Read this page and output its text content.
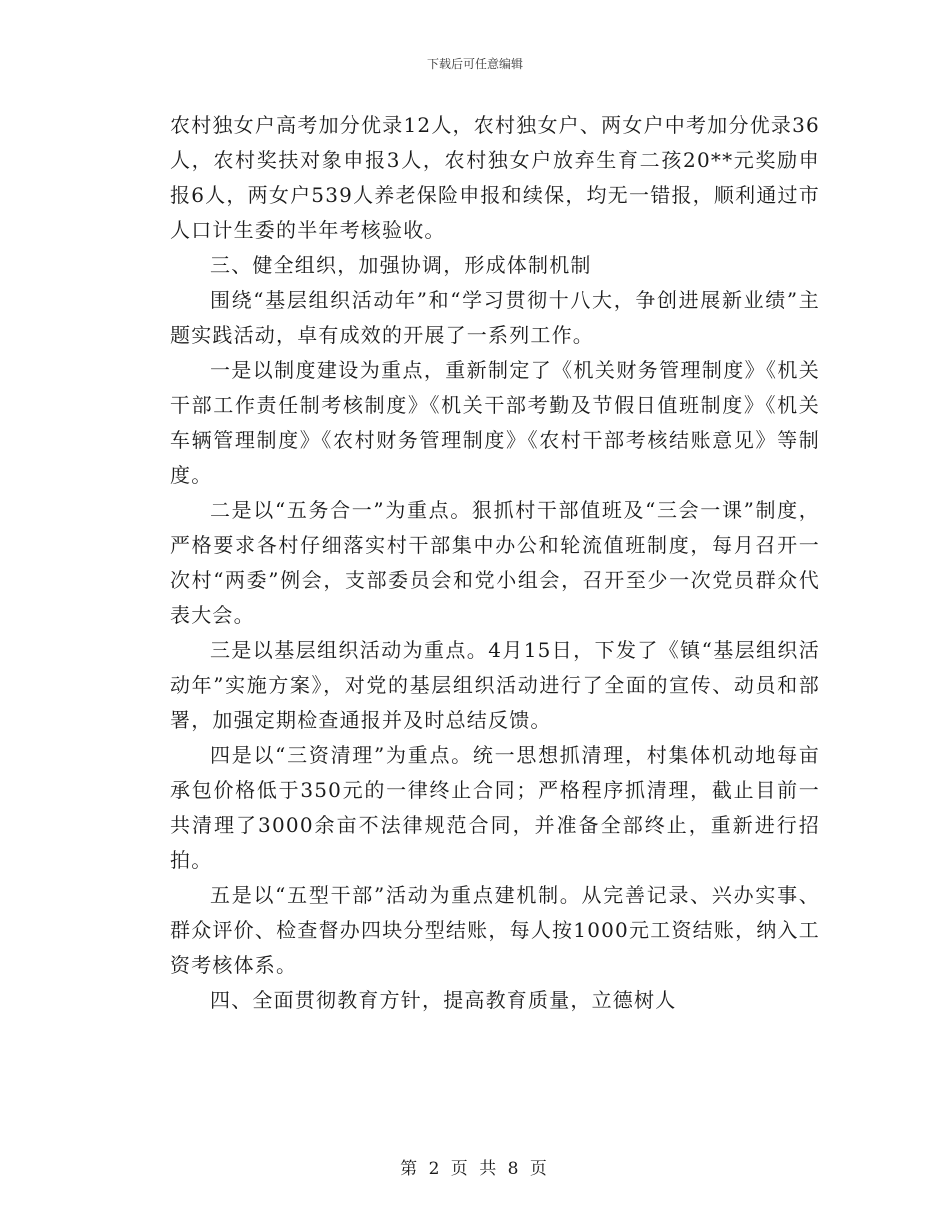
下载后可任意编辑

农村独女户高考加分优录12人，农村独女户、两女户中考加分优录36人，农村奖扶对象申报3人，农村独女户放弃生育二孩20**元奖励申报6人，两女户539人养老保险申报和续保，均无一错报，顺利通过市人口计生委的半年考核验收。

三、健全组织，加强协调，形成体制机制

围绕“基层组织活动年”和“学习贯彻十八大，争创进展新业绩”主题实践活动，卓有成效的开展了一系列工作。

一是以制度建设为重点，重新制定了《机关财务管理制度》《机关干部工作责任制考核制度》《机关干部考勤及节假日值班制度》《机关车辆管理制度》《农村财务管理制度》《农村干部考核结账意见》等制度。

二是以“五务合一”为重点。狠抓村干部值班及“三会一课”制度，严格要求各村仔细落实村干部集中办公和轮流值班制度，每月召开一次村“两委”例会，支部委员会和党小组会，召开至少一次党员群众代表大会。

三是以基层组织活动为重点。4月15日，下发了《镇“基层组织活动年”实施方案》，对党的基层组织活动进行了全面的宣传、动员和部署，加强定期检查通报并及时总结反馈。

四是以“三资清理”为重点。统一思想抓清理，村集体机动地每亩承包价格低于350元的一律终止合同；严格程序抓清理，截止目前一共清理了3000余亩不法律规范合同，并准备全部终止，重新进行招拍。

五是以“五型干部”活动为重点建机制。从完善记录、兴办实事、群众评价、检查督办四块分型结账，每人按1000元工资结账，纳入工资考核体系。

四、全面贯彻教育方针，提高教育质量，立德树人

第 2 页 共 8 页
